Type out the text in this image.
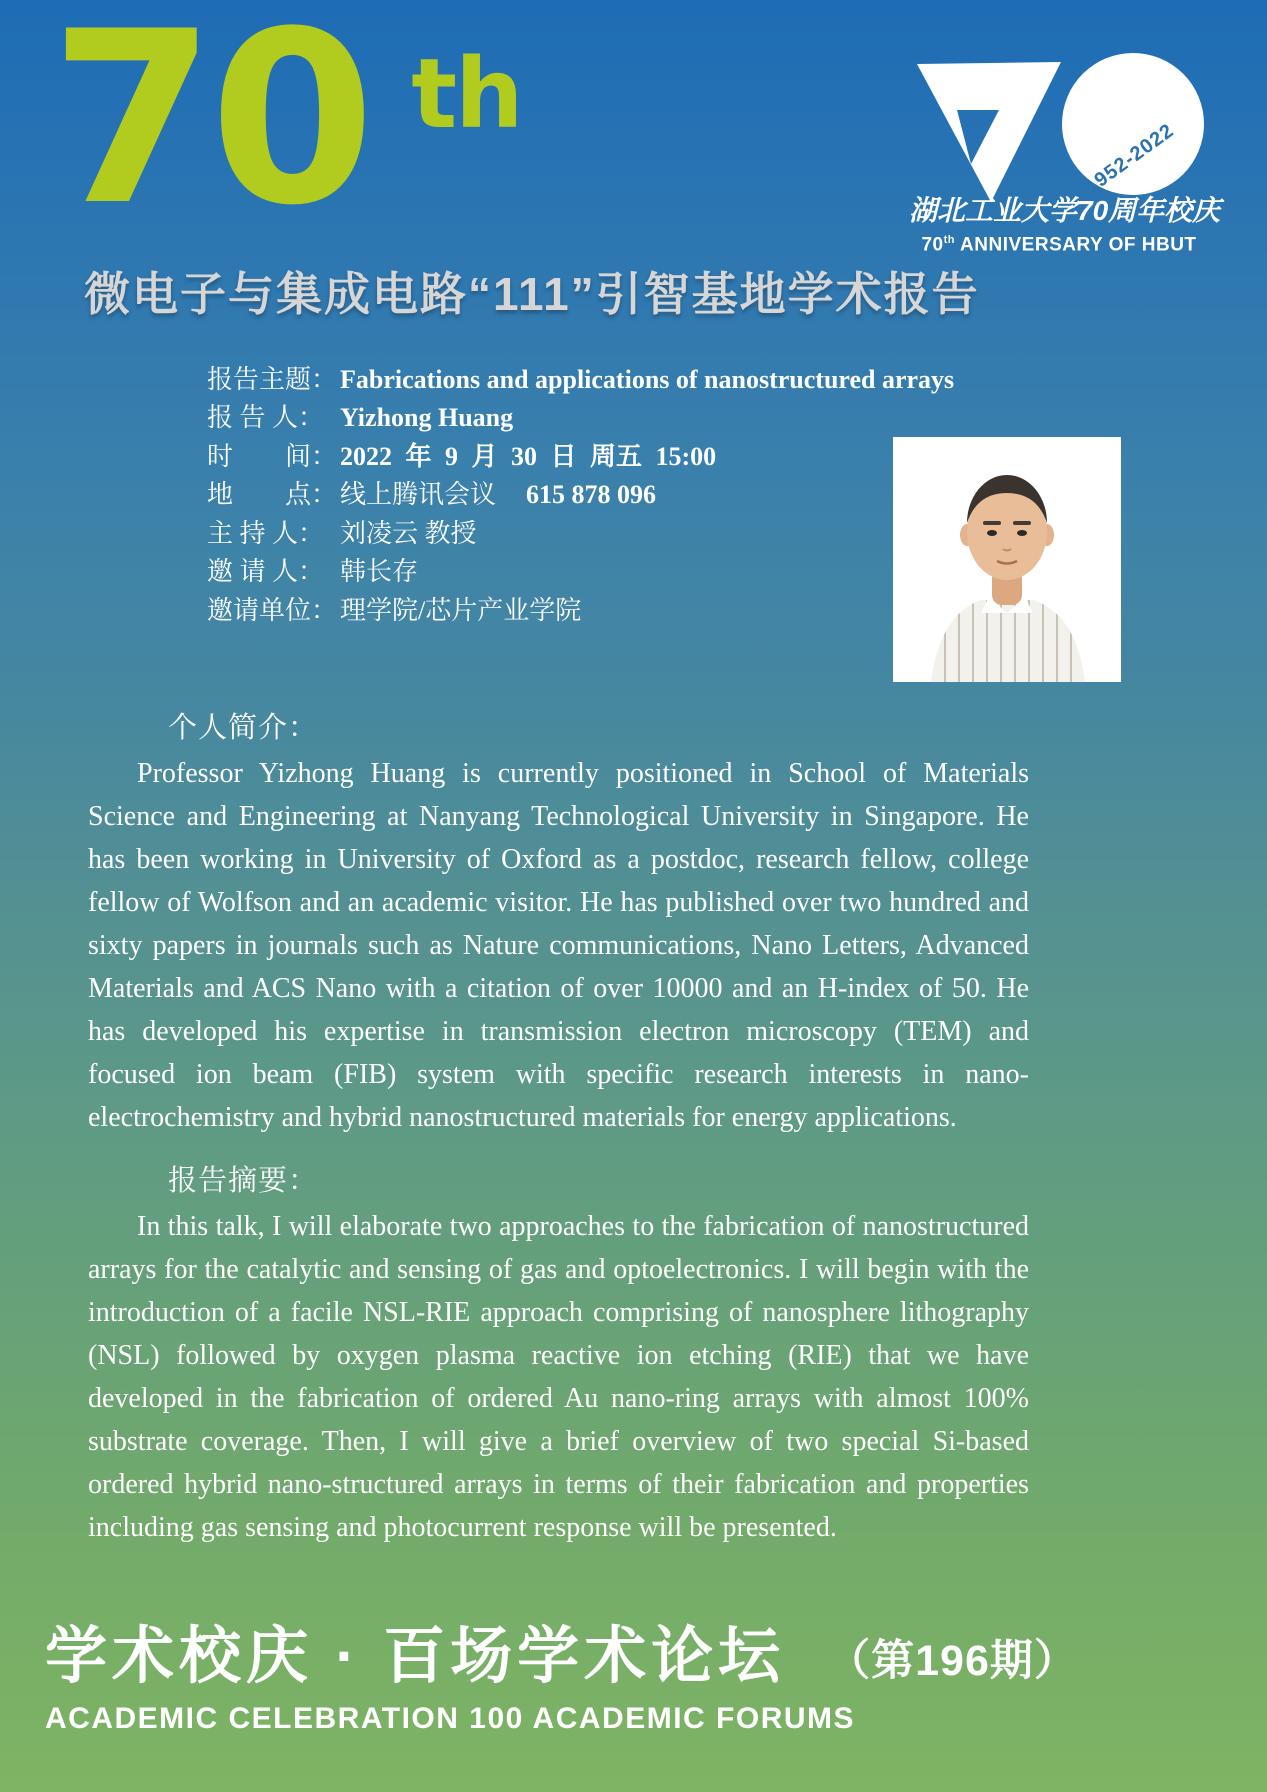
70 th
1952-2022
湖北工业大学70周年校庆
70th ANNIVERSARY OF HBUT
微电子与集成电路“111”引智基地学术报告

报告主题： Fabrications and applications of nanostructured arrays

报 告 人： Yizhong Huang

时　　间： 2022 年 9 月 30 日 周五 15:00

地　　点： 线上腾讯会议 615 878 096

主 持 人： 刘凌云 教授

邀 请 人： 韩长存

邀请单位： 理学院/芯片产业学院

个人简介：

Professor Yizhong Huang is currently positioned in School of Materials Science and Engineering at Nanyang Technological University in Singapore. He has been working in University of Oxford as a postdoc, research fellow, college fellow of Wolfson and an academic visitor. He has published over two hundred and sixty papers in journals such as Nature communications, Nano Letters, Advanced Materials and ACS Nano with a citation of over 10000 and an H-index of 50. He has developed his expertise in transmission electron microscopy (TEM) and focused ion beam (FIB) system with specific research interests in nano-electrochemistry and hybrid nanostructured materials for energy applications.

报告摘要：

In this talk, I will elaborate two approaches to the fabrication of nanostructured arrays for the catalytic and sensing of gas and optoelectronics. I will begin with the introduction of a facile NSL-RIE approach comprising of nanosphere lithography (NSL) followed by oxygen plasma reactive ion etching (RIE) that we have developed in the fabrication of ordered Au nano-ring arrays with almost 100% substrate coverage. Then, I will give a brief overview of two special Si-based ordered hybrid nano-structured arrays in terms of their fabrication and properties including gas sensing and photocurrent response will be presented.

学术校庆 · 百场学术论坛 （第196期）
ACADEMIC CELEBRATION 100 ACADEMIC FORUMS
